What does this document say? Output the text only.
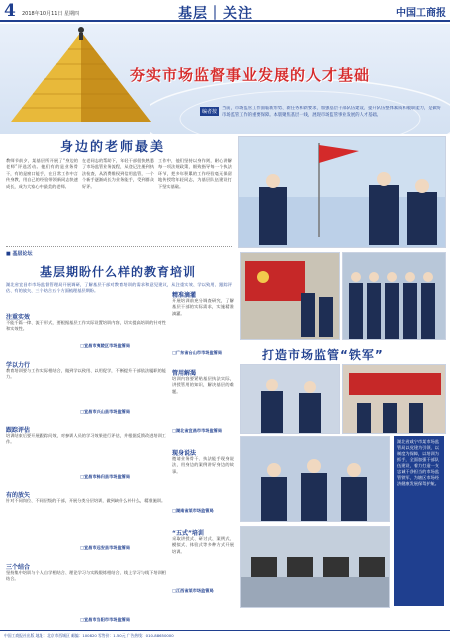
4 2018年10月11日 星期四	基层｜关注	中国工商报
夯实市场监督事业发展的人才基础
编者按
当前，市场监管工作面临新形势、新任务和新要求，加强基层干部队伍建设、提升队伍整体素质和履职能力，是做好市场监管工作的重要保障。本版聚焦基层一线，展现市场监管事业发展的人才基础。
身边的老师最美
教师节前夕，某基层所开展了“身边的老师”评选活动。他们有的是业务骨干，有的是窗口能手，在日常工作中言传身教，用自己的经验带领新同志快速成长，成为大家心中最美的老师。
在老同志的帮助下，年轻干部很快熟悉了市场监管业务流程，从登记注册到执法检查，从消费维权到信用监管，一个个新手逐渐成长为业务能手，受到群众好评。
工作中，他们坚持以身作则，耐心讲解每一项法规政策，细致指导每一个执法环节，把多年积累的工作经验毫无保留地传授给年轻同志，为基层队伍建设打下坚实基础。
■ 基层论坛
基层期盼什么样的教育培训
湖北省宜昌市市场监督管理局开展调研，了解基层干部对教育培训的需求和意见建议，从注重实效、学以致用、跟踪评估、有的放矢、三个结合五个方面梳理基层期盼。
注重实效
不能千篇一律、流于形式，要根据基层工作实际设置培训内容，切实提高培训的针对性和实效性。
□宜昌市夷陵区市场监管局
学以力行
教育培训要与工作实际相结合，做到学以致用、以用促学，不断提升干部依法履职的能力。
□宜昌市兴山县市场监管局
跟踪评估
培训结束后要开展跟踪问效，对参训人员的学习效果进行评估，并根据反馈改进培训工作。
□宜昌市秭归县市场监管局
有的放矢
针对不同岗位、不同层级的干部，开展分类分层培训，做到缺什么补什么，精准施训。
□宜昌市远安县市场监管局
三个结合
坚持集中培训与个人自学相结合、理论学习与实践锻炼相结合、线上学习与线下培训相结合。
□宜昌市当阳市市场监管局
精准滴灌
开展培训前充分调查研究，了解基层干部的实际需求，实施精准滴灌。
□广东省台山市市场监管局
管用解渴
培训内容要紧贴基层执法实际，讲授管用的知识，解决基层的难题。
□湖北省宜昌市市场监管局
现身说法
邀请业务骨干、执法能手现身说法，用身边的案例讲好身边的故事。
□湖南省某市场监管局
“五式”培训
采取讲授式、研讨式、案例式、模拟式、体验式等多种方式开展培训。
□江西省某市场监管局
打造市场监管“铁军”
湖北省咸宁市某市场监管局以党建为引领，以制度为保障，以培训为抓手，全面加强干部队伍建设，着力打造一支忠诚干净担当的市场监管铁军，为辖区市场经济健康发展保驾护航。
中国工商报社出版 地址：北京市西城区 邮编：100820 零售价：1.50元 广告热线：010-88650000
